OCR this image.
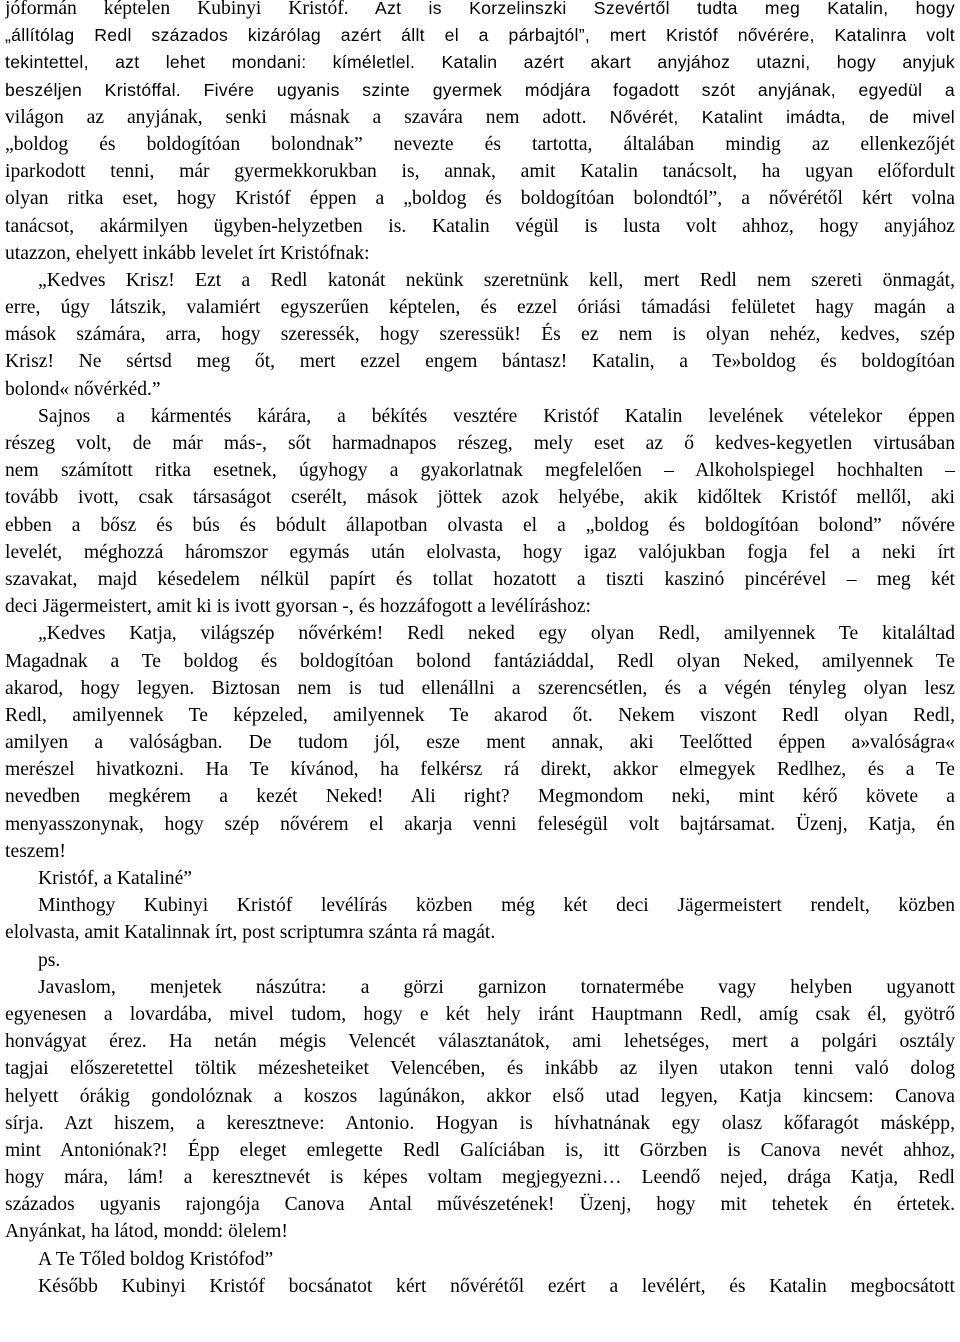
jóformán képtelen Kubinyi Kristóf. Azt is Korzelinszki Szevértől tudta meg Katalin, hogy
„állítólag Redl százados kizárólag azért állt el a párbajtól”, mert Kristóf nővérére, Katalinra volt
tekintettel, azt lehet mondani: kíméletlel. Katalin azért akart anyjához utazni, hogy anyjuk
beszéljen Kristóffal. Fivére ugyanis szinte gyermek módjára fogadott szót anyjának, egyedül a
világon az anyjának, senki másnak a szavára nem adott. Nővérét, Katalint imádta, de mivel
„boldog és boldogítóan bolondnak” nevezte és tartotta, általában mindig az ellenkezőjét
iparkodott tenni, már gyermekkorukban is, annak, amit Katalin tanácsolt, ha ugyan előfordult
olyan ritka eset, hogy Kristóf éppen a „boldog és boldogítóan bolondtól”, a nővérétől kért volna
tanácsot, akármilyen ügyben-helyzetben is. Katalin végül is lusta volt ahhoz, hogy anyjához
utazzon, ehelyett inkább levelet írt Kristófnak:
„Kedves Krisz! Ezt a Redl katonát nekünk szeretnünk kell, mert Redl nem szereti önmagát,
erre, úgy látszik, valamiért egyszerűen képtelen, és ezzel óriási támadási felületet hagy magán a
mások számára, arra, hogy szeressék, hogy szeressük! És ez nem is olyan nehéz, kedves, szép
Krisz! Ne sértsd meg őt, mert ezzel engem bántasz! Katalin, a Te»boldog és boldogítóan
bolond« nővérkéd.”
Sajnos a kármentés kárára, a békítés vesztére Kristóf Katalin levelének vételekor éppen
részeg volt, de már más-, sőt harmadnapos részeg, mely eset az ő kedves-kegyetlen virtusában
nem számított ritka esetnek, úgyhogy a gyakorlatnak megfelelően – Alkoholspiegel hochhalten –
tovább ivott, csak társaságot cserélt, mások jöttek azok helyébe, akik kidőltek Kristóf mellől, aki
ebben a bősz és bús és bódult állapotban olvasta el a „boldog és boldogítóan bolond” nővére
levelét, méghozzá háromszor egymás után elolvasta, hogy igaz valójukban fogja fel a neki írt
szavakat, majd késedelem nélkül papírt és tollat hozatott a tiszti kaszinó pincérével – meg két
deci Jägermeistert, amit ki is ivott gyorsan -, és hozzáfogott a levélíráshoz:
„Kedves Katja, világszép nővérkém! Redl neked egy olyan Redl, amilyennek Te kitaláltad
Magadnak a Te boldog és boldogítóan bolond fantáziáddal, Redl olyan Neked, amilyennek Te
akarod, hogy legyen. Biztosan nem is tud ellenállni a szerencsétlen, és a végén tényleg olyan lesz
Redl, amilyennek Te képzeled, amilyennek Te akarod őt. Nekem viszont Redl olyan Redl,
amilyen a valóságban. De tudom jól, esze ment annak, aki Teelőtted éppen a»valóságra«
merészel hivatkozni. Ha Te kívánod, ha felkérsz rá direkt, akkor elmegyek Redlhez, és a Te
nevedben megkérem a kezét Neked! Ali right? Megmondom neki, mint kérő követe a
menyasszonynak, hogy szép nővérem el akarja venni feleségül volt bajtársamat. Üzenj, Katja, én
teszem!
Kristóf, a Kataliné”
Minthogy Kubinyi Kristóf levélírás közben még két deci Jägermeistert rendelt, közben
elolvasta, amit Katalinnak írt, post scriptumra szánta rá magát.
ps.
Javaslom, menjetek nászútra: a görzi garnizon tornatermébe vagy helyben ugyanott
egyenesen a lovardába, mivel tudom, hogy e két hely iránt Hauptmann Redl, amíg csak él, gyötrő
honvágyat érez. Ha netán mégis Velencét választanátok, ami lehetséges, mert a polgári osztály
tagjai előszeretettel töltik mézesheteiket Velencében, és inkább az ilyen utakon tenni való dolog
helyett órákig gondolóznak a koszos lagúnákon, akkor első utad legyen, Katja kincsem: Canova
sírja. Azt hiszem, a keresztneve: Antonio. Hogyan is hívhatnának egy olasz kőfaragót másképp,
mint Antoniónak?! Épp eleget emlegette Redl Galíciában is, itt Görzben is Canova nevét ahhoz,
hogy mára, lám! a keresztnevét is képes voltam megjegyezni… Leendő nejed, drága Katja, Redl
százados ugyanis rajongója Canova Antal művészetének! Üzenj, hogy mit tehetek én értetek.
Anyánkat, ha látod, mondd: ölelem!
A Te Tőled boldog Kristófod”
Később Kubinyi Kristóf bocsánatot kért nővérétől ezért a levélért, és Katalin megbocsátott
